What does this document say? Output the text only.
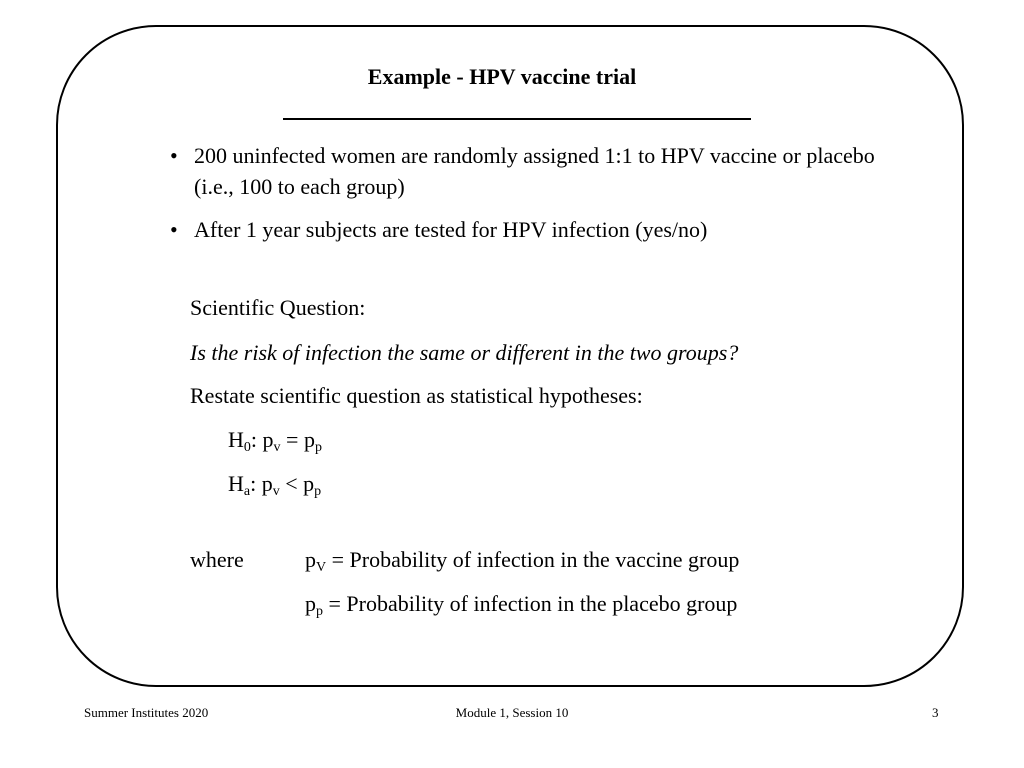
Example - HPV vaccine trial
• 200 uninfected women are randomly assigned 1:1 to HPV vaccine or placebo (i.e., 100 to each group)
• After 1 year subjects are tested for HPV infection (yes/no)
Scientific Question:
Is the risk of infection the same or different in the two groups?
Restate scientific question as statistical hypotheses:
$H_0$: $p_v = p_p$
$H_a$: $p_v < p_p$
where	$p_V$ = Probability of infection in the vaccine group
$p_p$ = Probability of infection in the placebo group
Summer Institutes 2020	Module 1, Session 10	3
